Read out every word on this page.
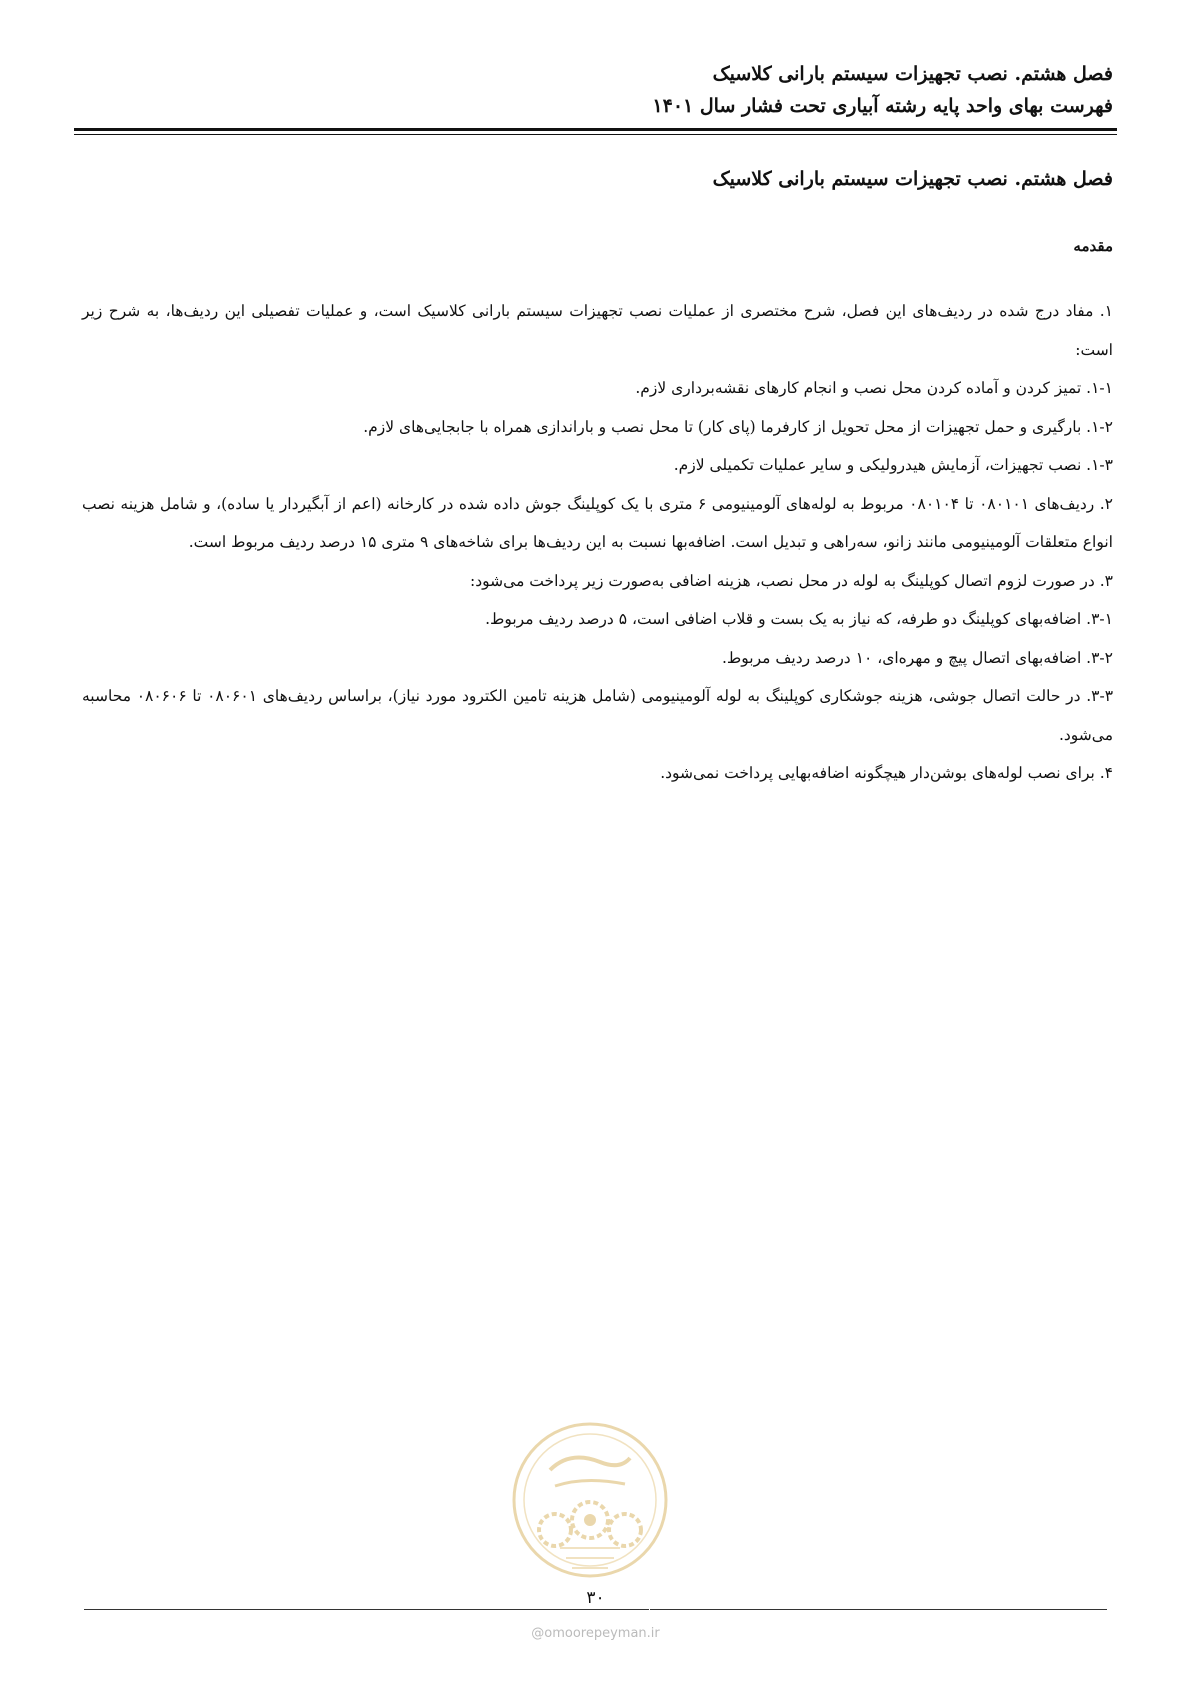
فصل هشتم. نصب تجهیزات سیستم بارانی کلاسیک
فهرست بهای واحد پایه رشته آبیاری تحت فشار سال ۱۴۰۱
فصل هشتم. نصب تجهیزات سیستم بارانی کلاسیک
مقدمه

۱. مفاد درج شده در ردیف‌های این فصل، شرح مختصری از عملیات نصب تجهیزات سیستم بارانی کلاسیک است، و عملیات تفصیلی این ردیف‌ها، به شرح زیر است:

۱-۱. تمیز کردن و آماده کردن محل نصب و انجام کارهای نقشه‌برداری لازم.

۱-۲. بارگیری و حمل تجهیزات از محل تحویل از کارفرما (پای کار) تا محل نصب و باراندازی همراه با جابجایی‌های لازم.

۱-۳. نصب تجهیزات، آزمایش هیدرولیکی و سایر عملیات تکمیلی لازم.

۲. ردیف‌های ۰۸۰۱۰۱ تا ۰۸۰۱۰۴ مربوط به لوله‌های آلومینیومی ۶ متری با یک کوپلینگ جوش داده شده در کارخانه (اعم از آبگیردار یا ساده)، و شامل هزینه نصب انواع متعلقات آلومینیومی مانند زانو، سه‌راهی و تبدیل است. اضافه‌بها نسبت به این ردیف‌ها برای شاخه‌های ۹ متری ۱۵ درصد ردیف مربوط است.

۳. در صورت لزوم اتصال کوپلینگ به لوله در محل نصب، هزینه اضافی به‌صورت زیر پرداخت می‌شود:

۳-۱. اضافه‌بهای کوپلینگ دو طرفه، که نیاز به یک بست و قلاب اضافی است، ۵ درصد ردیف مربوط.

۳-۲. اضافه‌بهای اتصال پیچ و مهره‌ای، ۱۰ درصد ردیف مربوط.

۳-۳. در حالت اتصال جوشی، هزینه جوشکاری کوپلینگ به لوله آلومینیومی (شامل هزینه تامین الکترود مورد نیاز)، براساس ردیف‌های ۰۸۰۶۰۱ تا ۰۸۰۶۰۶ محاسبه می‌شود.

۴. برای نصب لوله‌های بوشن‌دار هیچگونه اضافه‌بهایی پرداخت نمی‌شود.

۳۰
@omoorepeyman.ir
